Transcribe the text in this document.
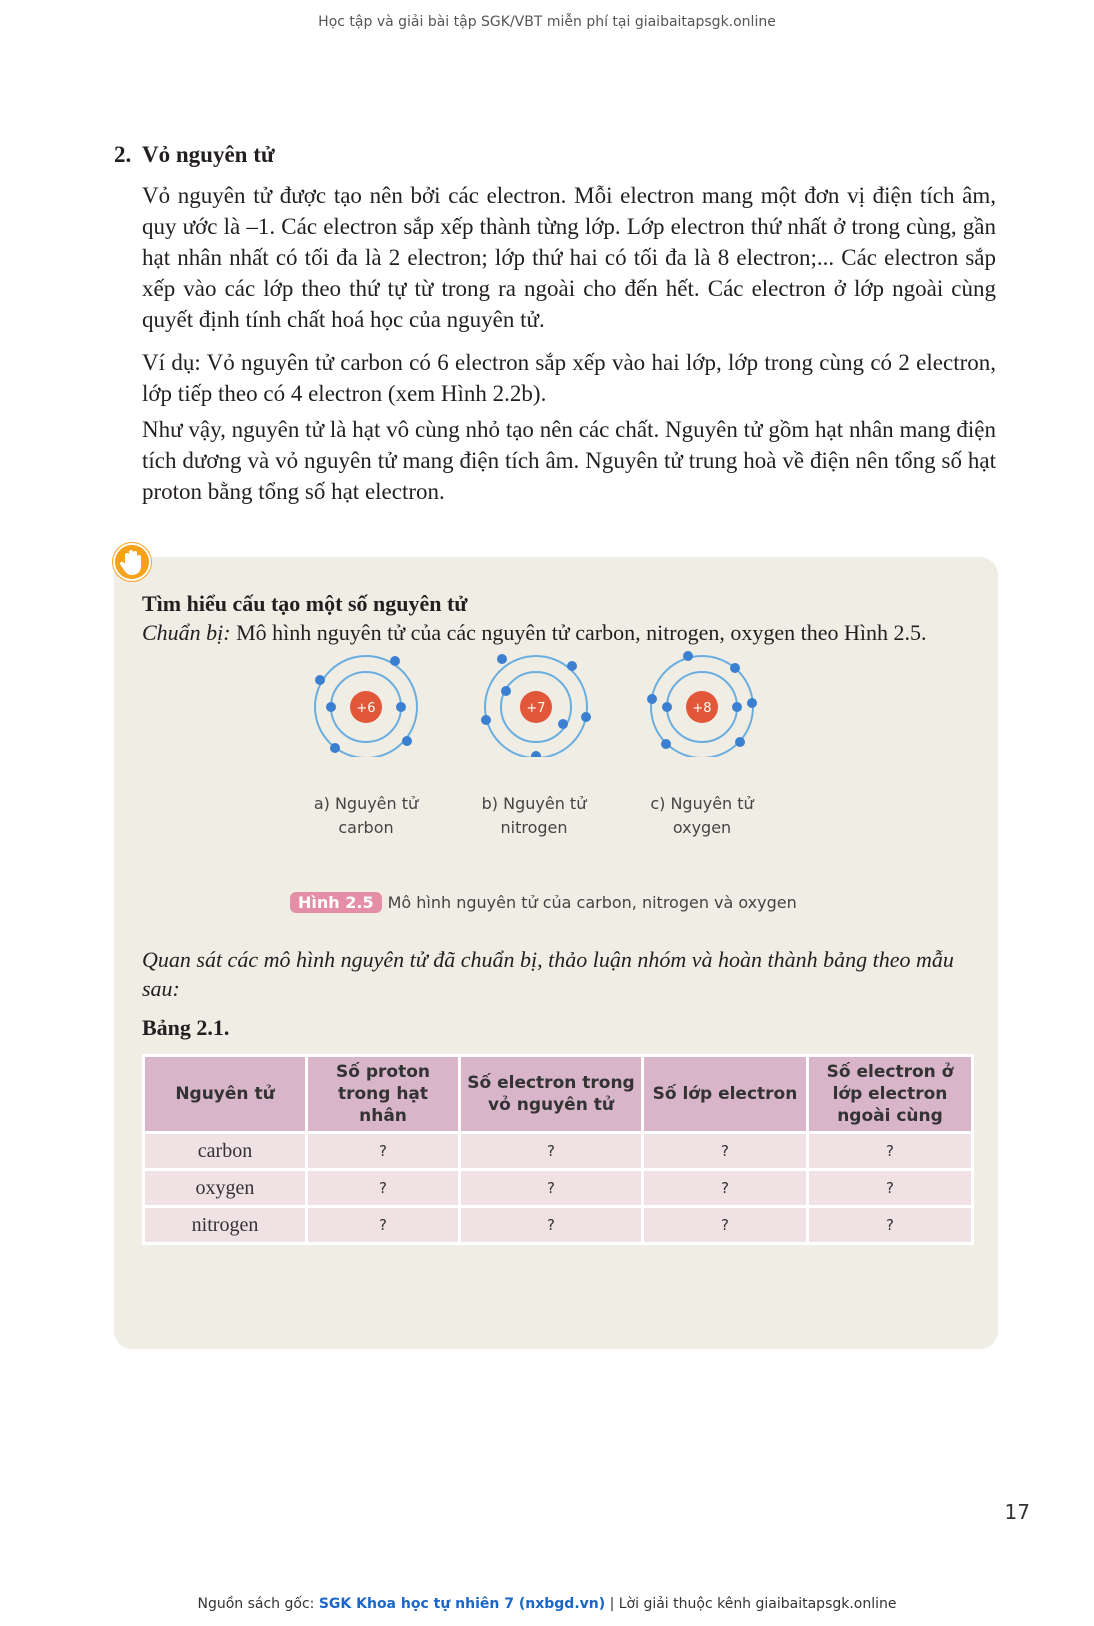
Học tập và giải bài tập SGK/VBT miễn phí tại giaibaitapsgk.online
2. Vỏ nguyên tử

Vỏ nguyên tử được tạo nên bởi các electron. Mỗi electron mang một đơn vị điện tích âm, quy ước là –1. Các electron sắp xếp thành từng lớp. Lớp electron thứ nhất ở trong cùng, gần hạt nhân nhất có tối đa là 2 electron; lớp thứ hai có tối đa là 8 electron;... Các electron sắp xếp vào các lớp theo thứ tự từ trong ra ngoài cho đến hết. Các electron ở lớp ngoài cùng quyết định tính chất hoá học của nguyên tử.

Ví dụ: Vỏ nguyên tử carbon có 6 electron sắp xếp vào hai lớp, lớp trong cùng có 2 electron, lớp tiếp theo có 4 electron (xem Hình 2.2b).

Như vậy, nguyên tử là hạt vô cùng nhỏ tạo nên các chất. Nguyên tử gồm hạt nhân mang điện tích dương và vỏ nguyên tử mang điện tích âm. Nguyên tử trung hoà về điện nên tổng số hạt proton bằng tổng số hạt electron.

Tìm hiểu cấu tạo một số nguyên tử
Chuẩn bị: Mô hình nguyên tử của các nguyên tử carbon, nitrogen, oxygen theo Hình 2.5.
+6
a) Nguyên tử
carbon
+7
b) Nguyên tử
nitrogen
+8
c) Nguyên tử
oxygen
Hình 2.5 Mô hình nguyên tử của carbon, nitrogen và oxygen
Quan sát các mô hình nguyên tử đã chuẩn bị, thảo luận nhóm và hoàn thành bảng theo mẫu sau:
Bảng 2.1.
Nguyên tử	Số proton trong hạt nhân	Số electron trong vỏ nguyên tử	Số lớp electron	Số electron ở lớp electron ngoài cùng
carbon	?	?	?	?
oxygen	?	?	?	?
nitrogen	?	?	?	?
17
Nguồn sách gốc: SGK Khoa học tự nhiên 7 (nxbgd.vn) | Lời giải thuộc kênh giaibaitapsgk.online
